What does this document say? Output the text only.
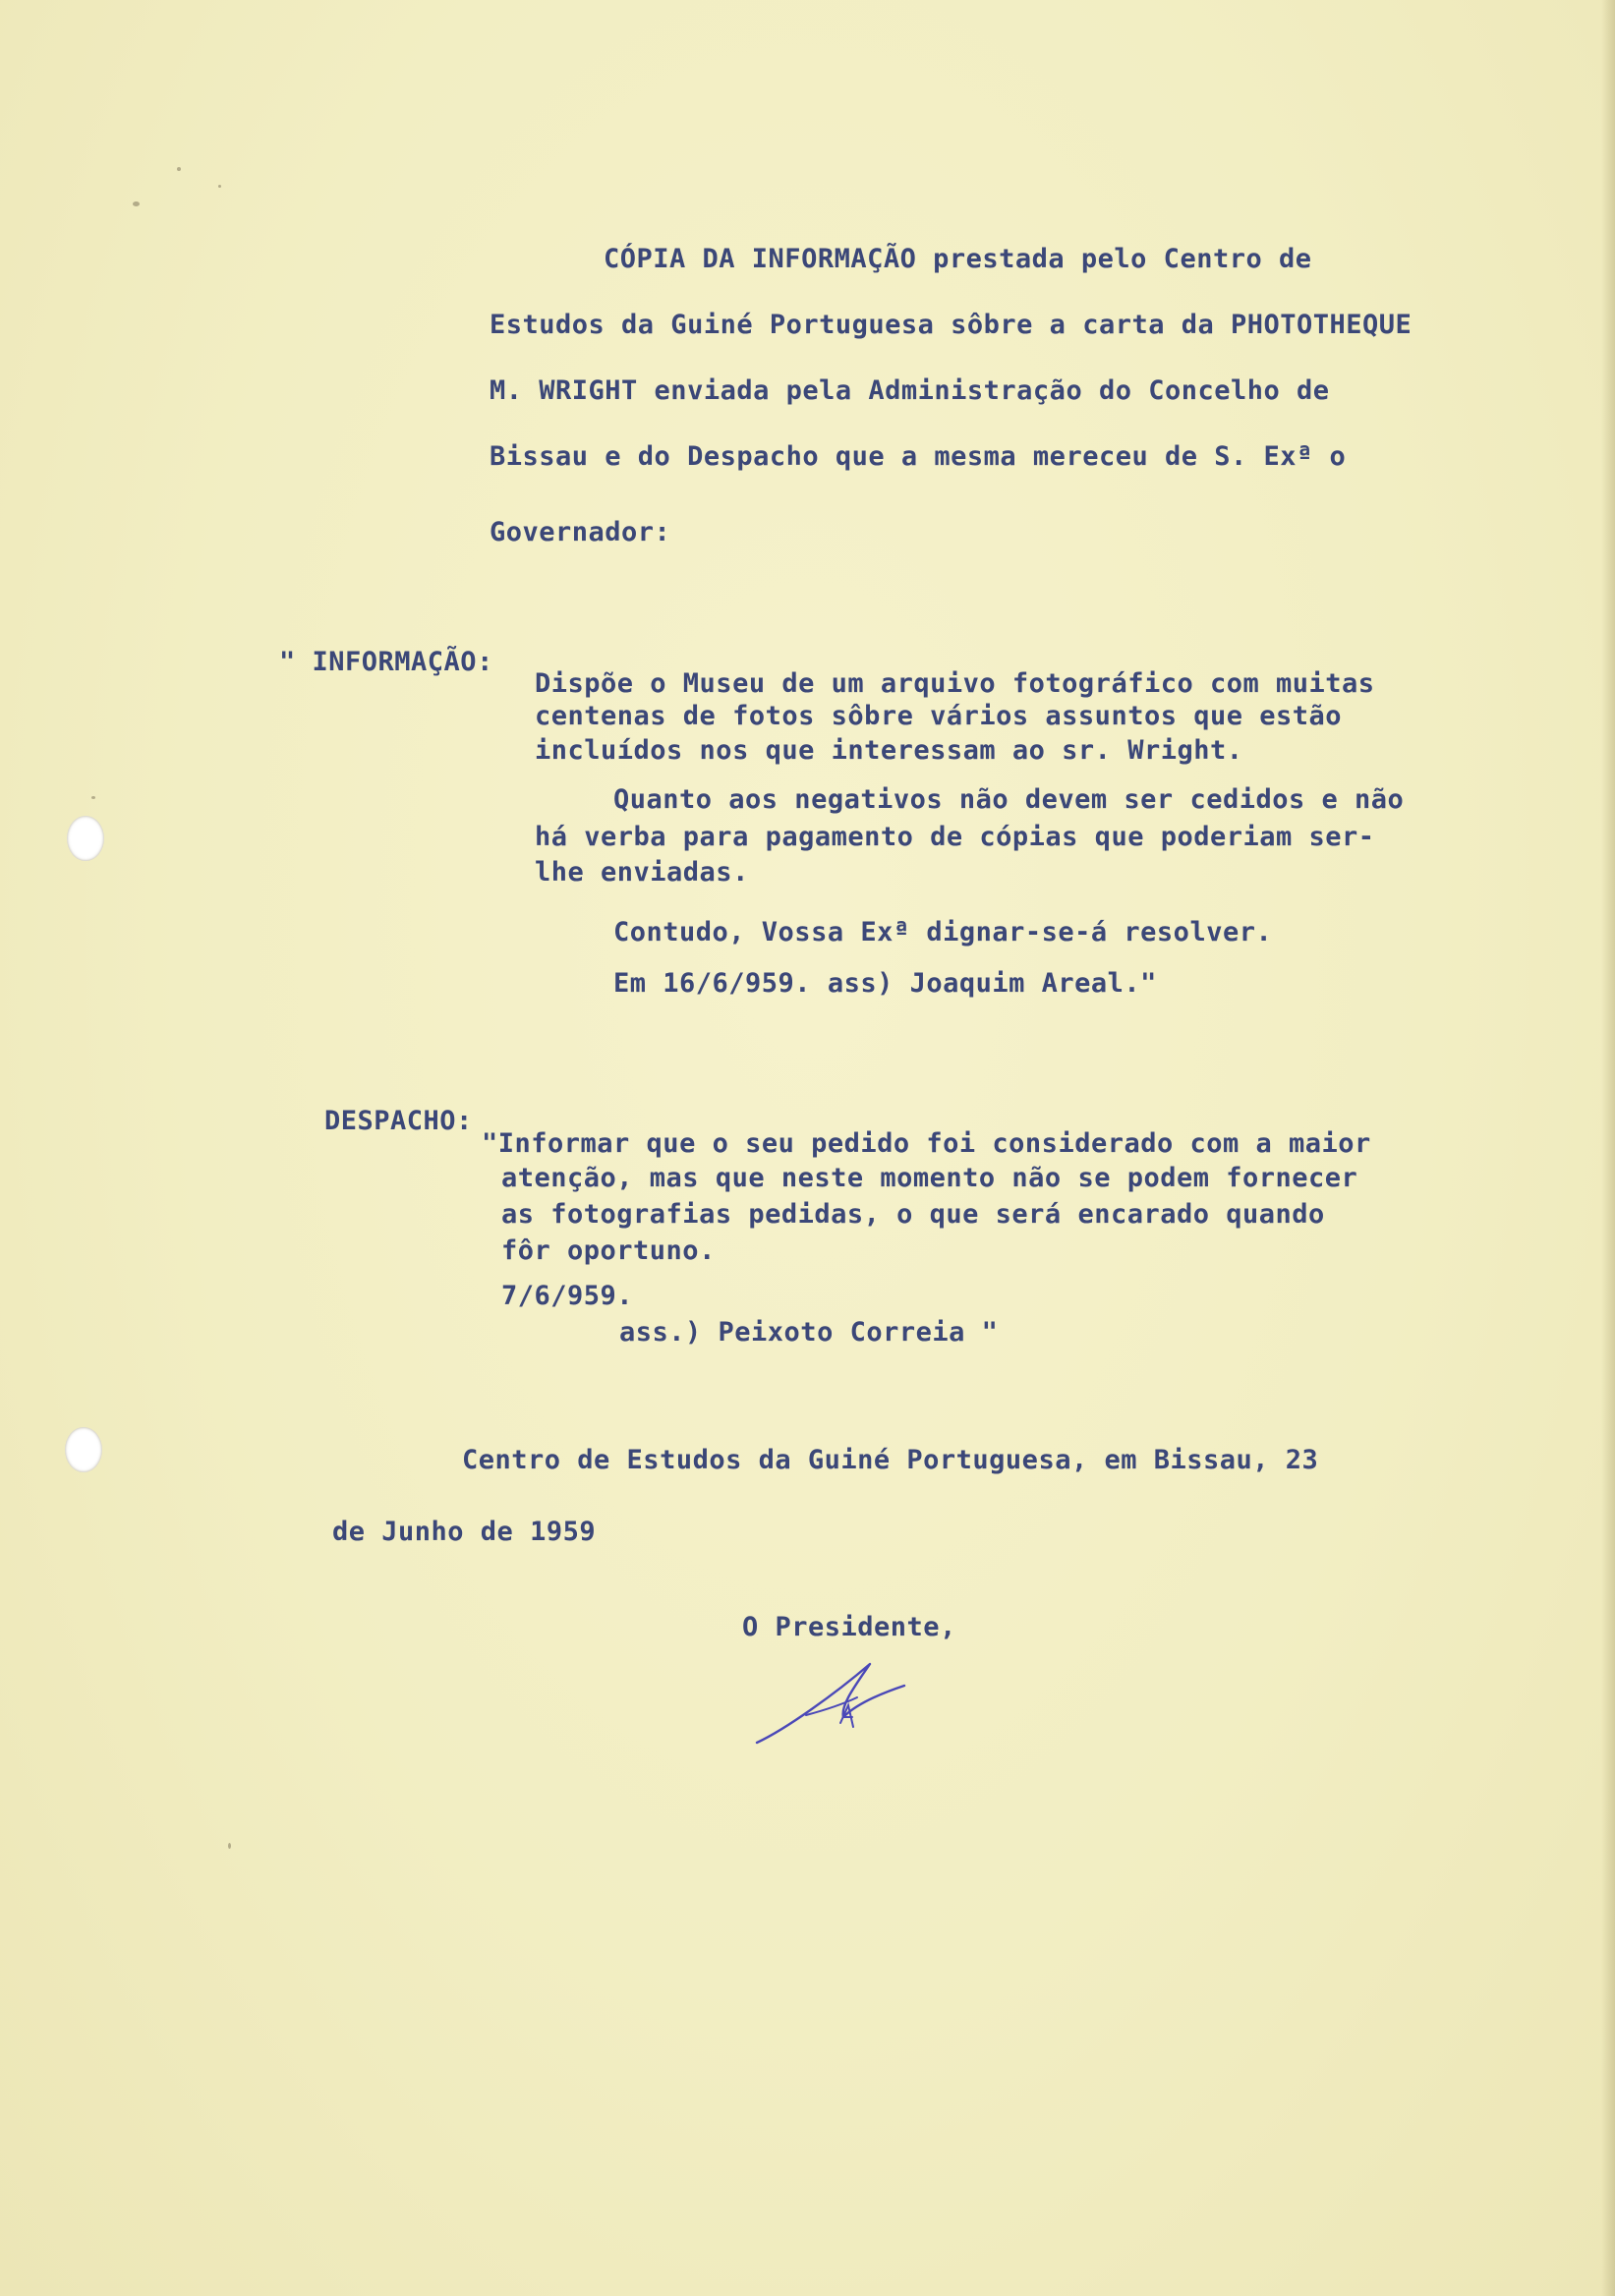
CÓPIA DA INFORMAÇÃO prestada pelo Centro de
Estudos da Guiné Portuguesa sôbre a carta da PHOTOTHEQUE
M. WRIGHT enviada pela Administração do Concelho de
Bissau e do Despacho que a mesma mereceu de S. Exª o
Governador:
" INFORMAÇÃO:
Dispõe o Museu de um arquivo fotográfico com muitas
centenas de fotos sôbre vários assuntos que estão
incluídos nos que interessam ao sr. Wright.
Quanto aos negativos não devem ser cedidos e não
há verba para pagamento de cópias que poderiam ser-
lhe enviadas.
Contudo, Vossa Exª dignar-se-á resolver.
Em 16/6/959. ass) Joaquim Areal."
DESPACHO:
"Informar que o seu pedido foi considerado com a maior
atenção, mas que neste momento não se podem fornecer
as fotografias pedidas, o que será encarado quando
fôr oportuno.
7/6/959.
ass.) Peixoto Correia "
Centro de Estudos da Guiné Portuguesa, em Bissau, 23
de Junho de 1959
O Presidente,
